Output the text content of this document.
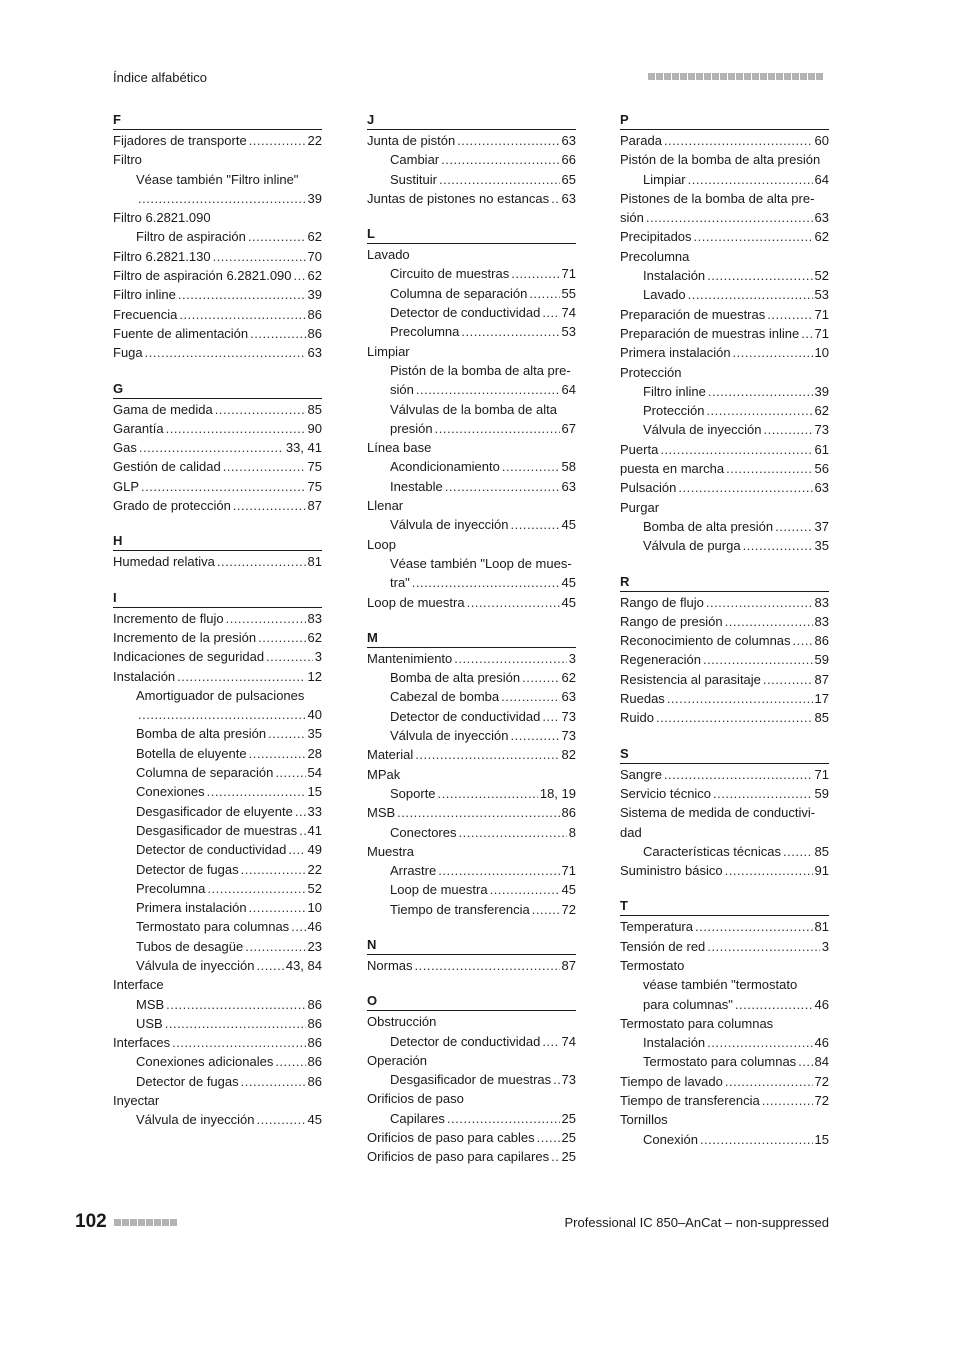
Índice alfabético
F
Fijadores de transporte .....	22
Filtro
Véase también "Filtro inline"
.....
39
Filtro 6.2821.090
Filtro de aspiración .....	62
Filtro 6.2821.130 .....	70
Filtro de aspiración 6.2821.090 ..... 62
Filtro inline .....	39
Frecuencia .....	86
Fuente de alimentación .....	86
Fuga .....	63
G
Gama de medida .....	85
Garantía .....	90
Gas .....	33, 41
Gestión de calidad .....	75
GLP .....	75
Grado de protección .....	87
H
Humedad relativa .....	81
I
Incremento de flujo .....	83
Incremento de la presión .....	62
Indicaciones de seguridad .....	3
Instalación .....	12
Amortiguador de pulsaciones
.....
40
Bomba de alta presión .....	35
Botella de eluyente .....	28
Columna de separación .....	54
Conexiones .....	15
Desgasificador de eluyente ..... 33
Desgasificador de muestras ..... 41
Detector de conductividad ..... 49
Detector de fugas .....	22
Precolumna .....	52
Primera instalación .....	10
Termostato para columnas ..... 46
Tubos de desagüe .....	23
Válvula de inyección ..... 43, 84
Interface
MSB .....	86
USB .....	86
Interfaces .....	86
Conexiones adicionales .....	86
Detector de fugas .....	86
Inyectar
Válvula de inyección .....	45
J
Junta de pistón .....	63
Cambiar .....	66
Sustituir .....	65
Juntas de pistones no estancas ..... 63
L
Lavado
Circuito de muestras .....	71
Columna de separación .....	55
Detector de conductividad ..... 74
Precolumna .....	53
Limpiar
Pistón de la bomba de alta pre-
sión .....	64
Válvulas de la bomba de alta
presión .....	67
Línea base
Acondicionamiento .....	58
Inestable .....	63
Llenar
Válvula de inyección .....	45
Loop
Véase también "Loop de mues-
tra" .....	45
Loop de muestra .....	45
M
Mantenimiento .....	3
Bomba de alta presión .....	62
Cabezal de bomba .....	63
Detector de conductividad ..... 73
Válvula de inyección .....	73
Material .....	82
MPak
Soporte .....	18, 19
MSB .....	86
Conectores .....	8
Muestra
Arrastre .....	71
Loop de muestra .....	45
Tiempo de transferencia ..... 72
N
Normas .....	87
O
Obstrucción
Detector de conductividad ..... 74
Operación
Desgasificador de muestras ..... 73
Orificios de paso
Capilares .....	25
Orificios de paso para cables ..... 25
Orificios de paso para capilares ..... 25
P
Parada .....	60
Pistón de la bomba de alta presión
Limpiar .....	64
Pistones de la bomba de alta pre-
sión .....	63
Precipitados .....	62
Precolumna
Instalación .....	52
Lavado .....	53
Preparación de muestras .....	71
Preparación de muestras inline ..... 71
Primera instalación .....	10
Protección
Filtro inline .....	39
Protección .....	62
Válvula de inyección .....	73
Puerta .....	61
puesta en marcha .....	56
Pulsación .....	63
Purgar
Bomba de alta presión .....	37
Válvula de purga .....	35
R
Rango de flujo .....	83
Rango de presión .....	83
Reconocimiento de columnas ..... 86
Regeneración .....	59
Resistencia al parasitaje .....	87
Ruedas .....	17
Ruido .....	85
S
Sangre .....	71
Servicio técnico .....	59
Sistema de medida de conductivi-
dad
Características técnicas .....	85
Suministro básico .....	91
T
Temperatura .....	81
Tensión de red .....	3
Termostato
véase también "termostato
para columnas" .....	46
Termostato para columnas
Instalación .....	46
Termostato para columnas ..... 84
Tiempo de lavado .....	72
Tiempo de transferencia .....	72
Tornillos
Conexión .....	15
102	Professional IC 850–AnCat – non-suppressed
